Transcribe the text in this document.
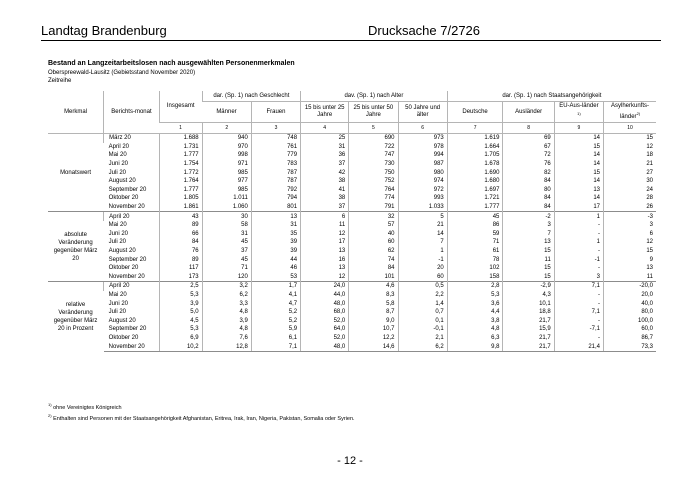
Landtag Brandenburg	Drucksache 7/2726
Bestand an Langzeitarbeitslosen nach ausgewählten Personenmerkmalen
Oberspreewald-Lausitz (Gebietsstand November 2020)
Zeitreihe
Merkmal	Berichts-monat	Insgesamt	dar. (Sp. 1) nach Geschlecht		dav. (Sp. 1) nach Alter			dar. (Sp. 1) nach Staatsangehörigkeit			
			Männer	Frauen	15 bis unter 25 Jahre	25 bis unter 50 Jahre	50 Jahre und älter	Deutsche	Ausländer	EU-Aus-länder $^{1)}$	Asylherkunfts-länder$^{2)}$
		1	2	3	4	5	6	7	8	9	10
Monatswert	März 20	1.688	940	748	25	690	973	1.619	69	14	15
	April 20	1.731	970	761	31	722	978	1.664	67	15	12
	Mai 20	1.777	998	779	36	747	994	1.705	72	14	18
	Juni 20	1.754	971	783	37	730	987	1.678	76	14	21
	Juli 20	1.772	985	787	42	750	980	1.690	82	15	27
	August 20	1.764	977	787	38	752	974	1.680	84	14	30
	September 20	1.777	985	792	41	764	972	1.697	80	13	24
	Oktober 20	1.805	1.011	794	38	774	993	1.721	84	14	28
	November 20	1.861	1.060	801	37	791	1.033	1.777	84	17	26
absolute Veränderung gegenüber März 20	April 20	43	30	13	6	32	5	45	-2	1	-3
	Mai 20	89	58	31	11	57	21	86	3	-	3
	Juni 20	66	31	35	12	40	14	59	7	-	6
	Juli 20	84	45	39	17	60	7	71	13	1	12
	August 20	76	37	39	13	62	1	61	15	-	15
	September 20	89	45	44	16	74	-1	78	11	-1	9
	Oktober 20	117	71	46	13	84	20	102	15	-	13
	November 20	173	120	53	12	101	60	158	15	3	11
relative Veränderung gegenüber März 20 in Prozent	April 20	2,5	3,2	1,7	24,0	4,6	0,5	2,8	-2,9	7,1	-20,0
	Mai 20	5,3	6,2	4,1	44,0	8,3	2,2	5,3	4,3	-	20,0
	Juni 20	3,9	3,3	4,7	48,0	5,8	1,4	3,6	10,1	-	40,0
	Juli 20	5,0	4,8	5,2	68,0	8,7	0,7	4,4	18,8	7,1	80,0
	August 20	4,5	3,9	5,2	52,0	9,0	0,1	3,8	21,7	-	100,0
	September 20	5,3	4,8	5,9	64,0	10,7	-0,1	4,8	15,9	-7,1	60,0
	Oktober 20	6,9	7,6	6,1	52,0	12,2	2,1	6,3	21,7	-	86,7
	November 20	10,2	12,8	7,1	48,0	14,6	6,2	9,8	21,7	21,4	73,3
$^{1)}$ ohne Vereinigtes Königreich
$^{2)}$ Enthalten sind Personen mit der Staatsangehörigkeit Afghanistan, Eritrea, Irak, Iran, Nigeria, Pakistan, Somalia oder Syrien.
- 12 -
